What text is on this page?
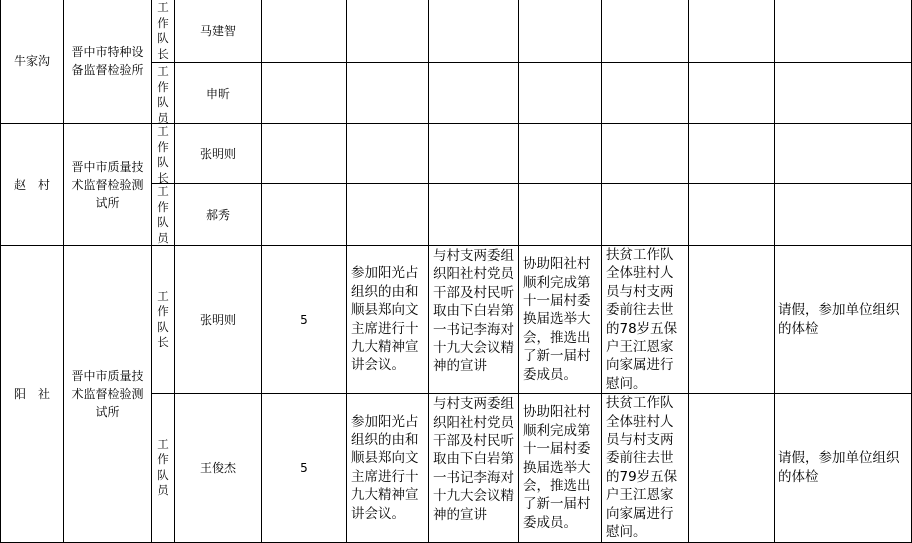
牛家沟	晋中市特种设备监督检验所	工作队长	马建智							

		工作队员	申昕							
赵　村	晋中市质量技术监督检验测试所	工作队长	张明则							

		工作队员	郝秀							
阳　社	晋中市质量技术监督检验测试所	工作队长	张明则	5	参加阳光占组织的由和顺县郑向文主席进行十九大精神宣讲会议。	与村支两委组织阳社村党员干部及村民听取由下白岩第一书记李海对十九大会议精神的宣讲	协助阳社村顺利完成第十一届村委换届选举大会，推选出了新一届村委成员。	扶贫工作队全体驻村人员与村支两委前往去世的78岁五保户王江恩家向家属进行慰问。		请假，参加单位组织的体检
		工作队员	王俊杰	5	参加阳光占组织的由和顺县郑向文主席进行十九大精神宣讲会议。	与村支两委组织阳社村党员干部及村民听取由下白岩第一书记李海对十九大会议精神的宣讲	协助阳社村顺利完成第十一届村委换届选举大会，推选出了新一届村委成员。	扶贫工作队全体驻村人员与村支两委前往去世的79岁五保户王江恩家向家属进行慰问。		请假，参加单位组织的体检
